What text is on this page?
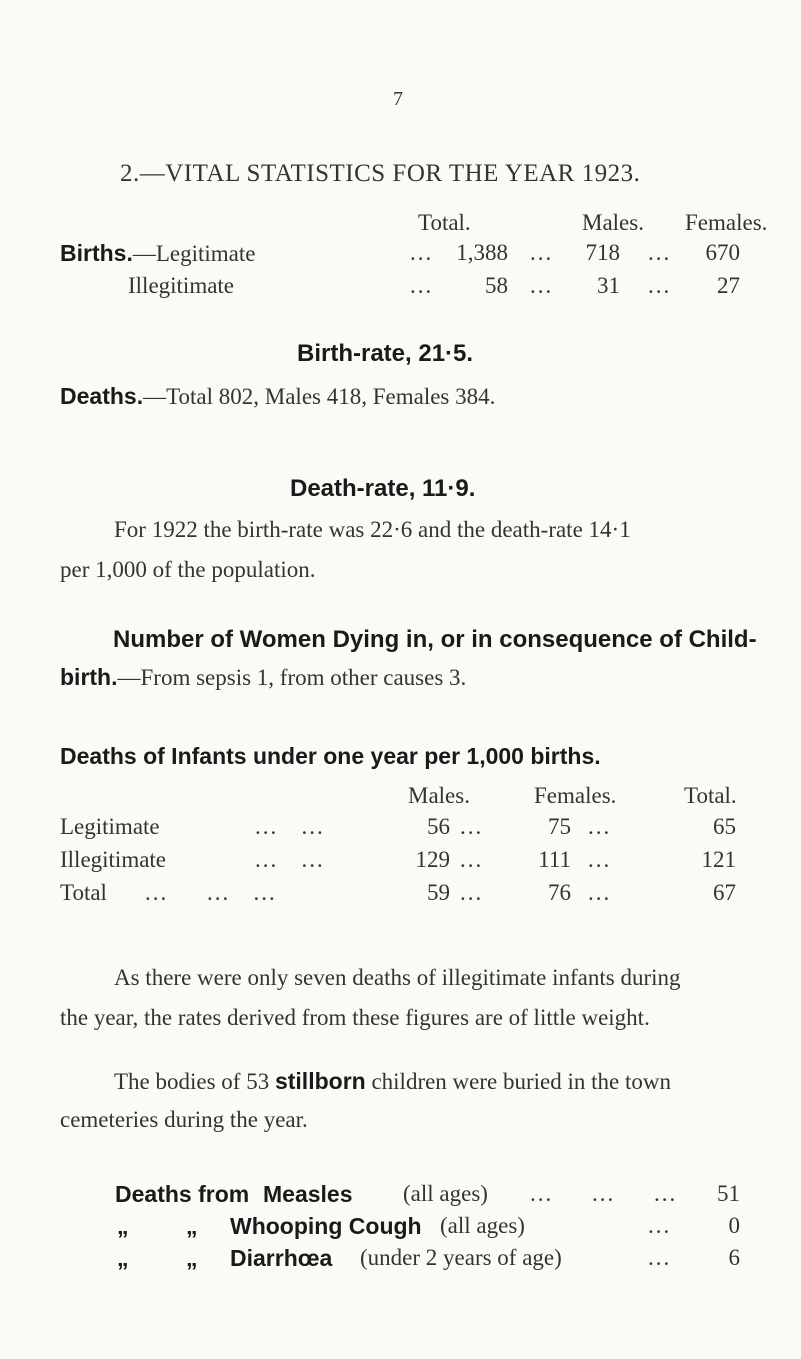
7
2.—VITAL STATISTICS FOR THE YEAR 1923.
Total.	Males. Females.
Births.—Legitimate	...	1,388 ...	718 ...	670
Illegitimate	...	58 ...	31 ...	27
Birth-rate, 21·5.
Deaths.—Total 802, Males 418, Females 384.
Death-rate, 11·9.
For 1922 the birth-rate was 22·6 and the death-rate 14·1
per 1,000 of the population.
Number of Women Dying in, or in consequence of Child-
birth.—From sepsis 1, from other causes 3.
Deaths of Infants under one year per 1,000 births.
Males.	Females.	Total.
Legitimate	...   ...	56 ...	75 ...	65
Illegitimate	...   ...	129 ...	111 ...	121
Total ...     ...   ...	59 ...	76 ...	67
As there were only seven deaths of illegitimate infants during
the year, the rates derived from these figures are of little weight.
The bodies of 53 stillborn children were buried in the town
cemeteries during the year.
Deaths from Measles (all ages) ...     ...     ...	51
„	„ Whooping Cough (all ages)	...	0
„	„ Diarrhœa (under 2 years of age)	...	6
